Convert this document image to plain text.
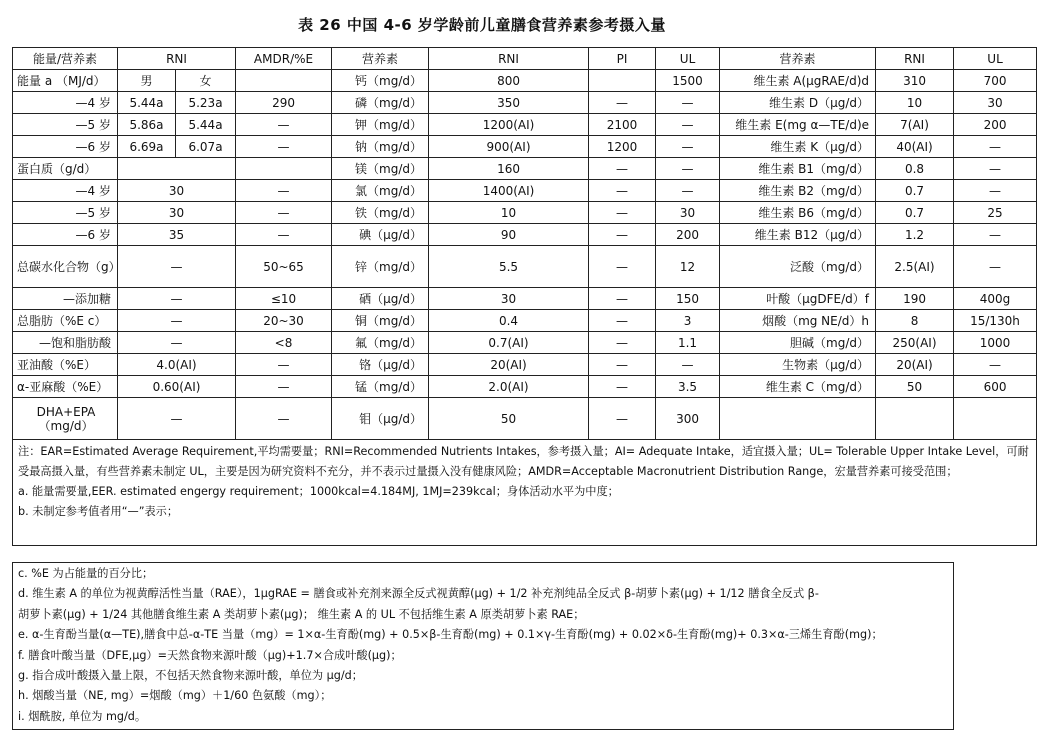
表 26 中国 4-6 岁学龄前儿童膳食营养素参考摄入量
能量/营养素	RNI		AMDR/%E	营养素	RNI	PI	UL	营养素	RNI	UL
能量 a （MJ/d）	男	女		钙（mg/d）	800		1500	维生素 A(μgRAE/d)d	310	700
—4 岁	5.44a	5.23a	290	磷（mg/d）	350	—	—	维生素 D（μg/d）	10	30
—5 岁	5.86a	5.44a	—	钾（mg/d）	1200(AI)	2100	—	维生素 E(mg α—TE/d)e	7(AI)	200
—6 岁	6.69a	6.07a	—	钠（mg/d）	900(AI)	1200	—	维生素 K（μg/d）	40(AI)	—
蛋白质（g/d）				镁（mg/d）	160	—	—	维生素 B1（mg/d）	0.8	—
—4 岁	30		—	氯（mg/d）	1400(AI)	—	—	维生素 B2（mg/d）	0.7	—
—5 岁	30		—	铁（mg/d）	10	—	30	维生素 B6（mg/d）	0.7	25
—6 岁	35		—	碘（μg/d）	90	—	200	维生素 B12（μg/d）	1.2	—
总碳水化合物（g）	—		50~65	锌（mg/d）	5.5	—	12	泛酸（mg/d）	2.5(AI)	—
—添加糖	—		≤10	硒（μg/d）	30	—	150	叶酸（μgDFE/d）f	190	400g
总脂肪（%E c）	—		20~30	铜（mg/d）	0.4	—	3	烟酸（mg NE/d）h	8	15/130h
—饱和脂肪酸	—		<8	氟（mg/d）	0.7(AI)	—	1.1	胆碱（mg/d）	250(AI)	1000
亚油酸（%E）	4.0(AI)		—	铬（μg/d）	20(AI)	—	—	生物素（μg/d）	20(AI)	—
α-亚麻酸（%E）	0.60(AI)		—	锰（mg/d）	2.0(AI)	—	3.5	维生素 C（mg/d）	50	600
DHA+EPA（mg/d）	—		—	钼（μg/d）	50	—	300			

注：EAR=Estimated Average Requirement,平均需要量；RNI=Recommended Nutrients Intakes，参考摄入量；AI= Adequate Intake，适宜摄入量；UL= Tolerable Upper Intake Level，可耐受最高摄入量，有些营养素未制定 UL，主要是因为研究资料不充分，并不表示过量摄入没有健康风险；AMDR=Acceptable Macronutrient Distribution Range，宏量营养素可接受范围；

a. 能量需要量,EER. estimated engergy requirement；1000kcal=4.184MJ, 1MJ=239kcal；身体活动水平为中度；

b. 未制定参考值者用“—”表示；										

c. %E 为占能量的百分比；

d. 维生素 A 的单位为视黄醇活性当量（RAE），1μgRAE = 膳食或补充剂来源全反式视黄醇(μg) + 1/2 补充剂纯品全反式 β-胡萝卜素(μg) + 1/12 膳食全反式 β-

胡萝卜素(μg) + 1/24 其他膳食维生素 A 类胡萝卜素(μg)； 维生素 A 的 UL 不包括维生素 A 原类胡萝卜素 RAE；

e. α-生育酚当量(α—TE),膳食中总-α-TE 当量（mg）= 1×α-生育酚(mg) + 0.5×β-生育酚(mg) + 0.1×γ-生育酚(mg) + 0.02×δ-生育酚(mg)+ 0.3×α-三烯生育酚(mg)；

f. 膳食叶酸当量（DFE,μg）=天然食物来源叶酸（μg)+1.7×合成叶酸(μg)；

g. 指合成叶酸摄入量上限，不包括天然食物来源叶酸，单位为 μg/d；

h. 烟酸当量（NE, mg）=烟酸（mg）＋1/60 色氨酸（mg）；

i. 烟酰胺, 单位为 mg/d。
